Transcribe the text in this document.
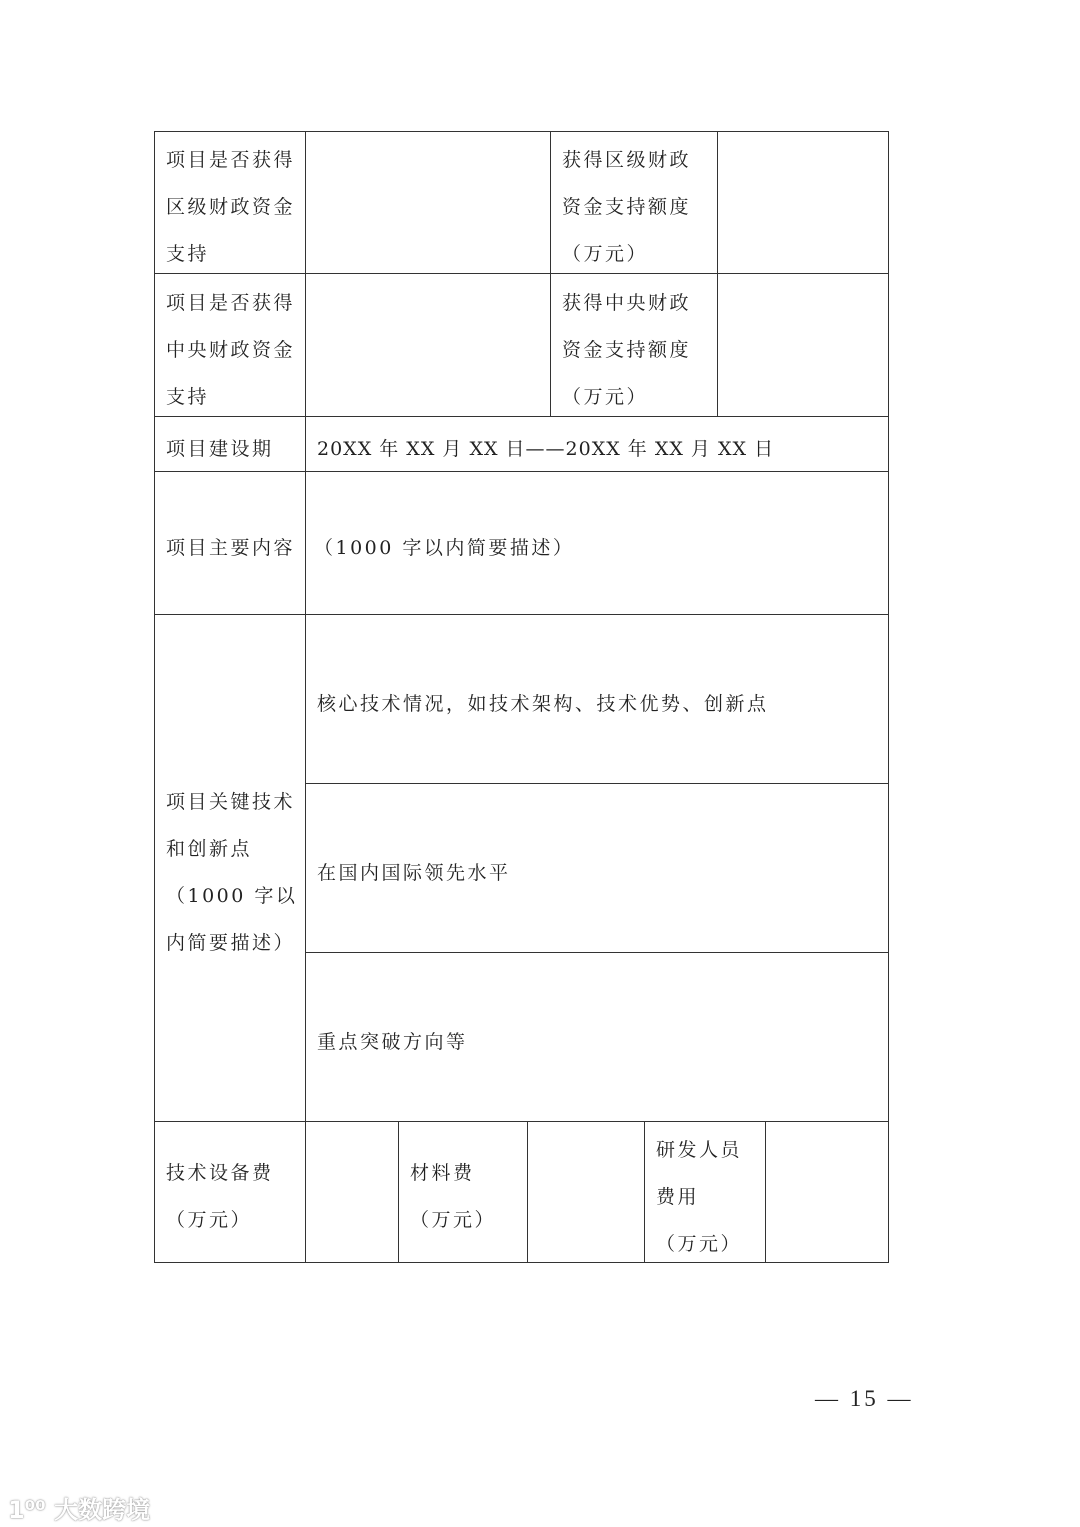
项目是否获得
区级财政资金
支持
获得区级财政
资金支持额度
（万元）
项目是否获得
中央财政资金
支持
获得中央财政
资金支持额度
（万元）
项目建设期	20XX 年 XX 月 XX 日——20XX 年 XX 月 XX 日
项目主要内容 （1000 字以内简要描述）
项目关键技术
和创新点
（1000 字以
内简要描述）
核心技术情况，如技术架构、技术优势、创新点
在国内国际领先水平
重点突破方向等
技术设备费
（万元）
材料费
（万元）
研发人员
费用
（万元）
— 15 —
1⁰⁰ 大数跨境
